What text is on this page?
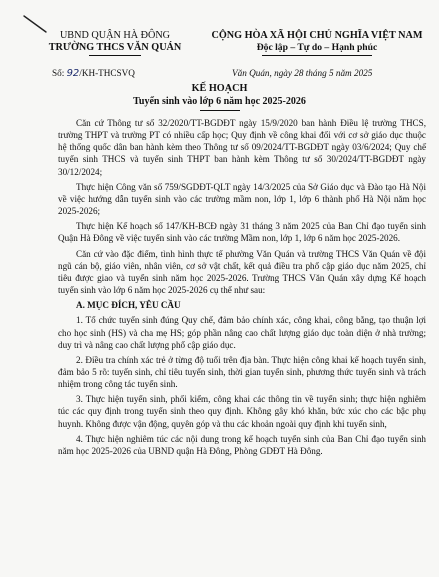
UBND QUẬN HÀ ĐÔNG
TRƯỜNG THCS VĂN QUÁN
CỘNG HÒA XÃ HỘI CHỦ NGHĨA VIỆT NAM
Độc lập – Tự do – Hạnh phúc
Số: 92/KH-THCSVQ	Văn Quán, ngày 28 tháng 5 năm 2025
KẾ HOẠCH
Tuyển sinh vào lớp 6 năm học 2025-2026

Căn cứ Thông tư số 32/2020/TT-BGDĐT ngày 15/9/2020 ban hành Điều lệ trường THCS, trường THPT và trường PT có nhiều cấp học; Quy định về công khai đối với cơ sở giáo dục thuộc hệ thống quốc dân ban hành kèm theo Thông tư số 09/2024/TT-BGDĐT ngày 03/6/2024; Quy chế tuyển sinh THCS và tuyển sinh THPT ban hành kèm Thông tư số 30/2024/TT-BGDĐT ngày 30/12/2024;

Thực hiện Công văn số 759/SGDĐT-QLT ngày 14/3/2025 của Sở Giáo dục và Đào tạo Hà Nội về việc hướng dẫn tuyển sinh vào các trường mầm non, lớp 1, lớp 6 thành phố Hà Nội năm học 2025-2026;

Thực hiện Kế hoạch số 147/KH-BCĐ ngày 31 tháng 3 năm 2025 của Ban Chỉ đạo tuyển sinh Quận Hà Đông về việc tuyển sinh vào các trường Mầm non, lớp 1, lớp 6 năm học 2025-2026.

Căn cứ vào đặc điểm, tình hình thực tế phường Văn Quán và trường THCS Văn Quán về đội ngũ cán bộ, giáo viên, nhân viên, cơ sở vật chất, kết quả điều tra phổ cập giáo dục năm 2025, chỉ tiêu được giao và tuyển sinh năm học 2025-2026. Trường THCS Văn Quán xây dựng Kế hoạch tuyển sinh vào lớp 6 năm học 2025-2026 cụ thể như sau:

A. MỤC ĐÍCH, YÊU CẦU

1. Tổ chức tuyển sinh đúng Quy chế, đảm bảo chính xác, công khai, công bằng, tạo thuận lợi cho học sinh (HS) và cha mẹ HS; góp phần nâng cao chất lượng giáo dục toàn diện ở nhà trường; duy trì và nâng cao chất lượng phổ cập giáo dục.

2. Điều tra chính xác trẻ ở từng độ tuổi trên địa bàn. Thực hiện công khai kế hoạch tuyển sinh, đảm bảo 5 rõ: tuyển sinh, chỉ tiêu tuyển sinh, thời gian tuyển sinh, phương thức tuyển sinh và trách nhiệm trong công tác tuyển sinh.

3. Thực hiện tuyển sinh, phối kiểm, công khai các thông tin về tuyển sinh; thực hiện nghiêm túc các quy định trong tuyển sinh theo quy định. Không gây khó khăn, bức xúc cho các bậc phụ huynh. Không được vận động, quyên góp và thu các khoản ngoài quy định khi tuyển sinh,

4. Thực hiện nghiêm túc các nội dung trong kế hoạch tuyển sinh của Ban Chỉ đạo tuyển sinh năm học 2025-2026 của UBND quận Hà Đông, Phòng GDĐT Hà Đông.
